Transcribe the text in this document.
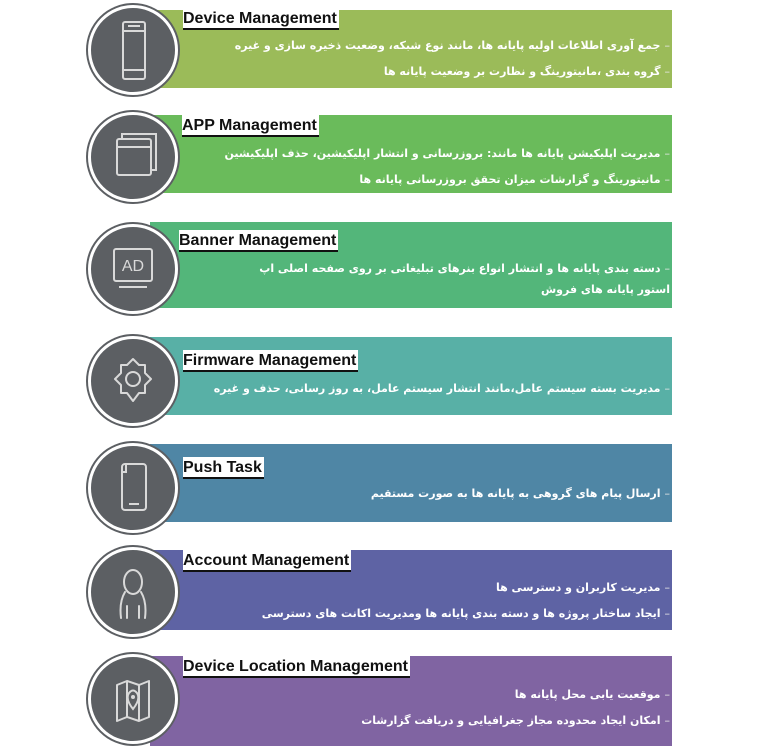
Device Management
– جمع آوری اطلاعات اولیه پایانه ها، مانند نوع شبکه، وضعیت ذخیره سازی و غیره
– گروه بندی ،مانیتورینگ و نظارت بر وضعیت پایانه ها
APP Management
– مدیریت اپلیکیشن پایانه ها مانند: بروزرسانی و انتشار اپلیکیشین، حذف اپلیکیشین
– مانیتورینگ و گزارشات میزان تحقق بروزرسانی پایانه ها
Banner Management
– دسته بندی پایانه ها و انتشار انواع بنرهای تبلیغاتی بر روی صفحه اصلی اپ استور پایانه های فروش
AD
Firmware Management
– مدیریت بسته سیستم عامل،مانند انتشار سیستم عامل، به روز رسانی، حذف و غیره
Push Task
– ارسال پیام های گروهی به پایانه ها به صورت مستقیم
Account Management
– مدیریت کاربران و دسترسی ها
– ایجاد ساختار پروژه ها و دسته بندی پایانه ها ومدیریت اکانت های دسترسی
Device Location Management
– موقعیت یابی محل پایانه ها
– امکان ایجاد محدوده مجاز جغرافیایی و دریافت گزارشات
